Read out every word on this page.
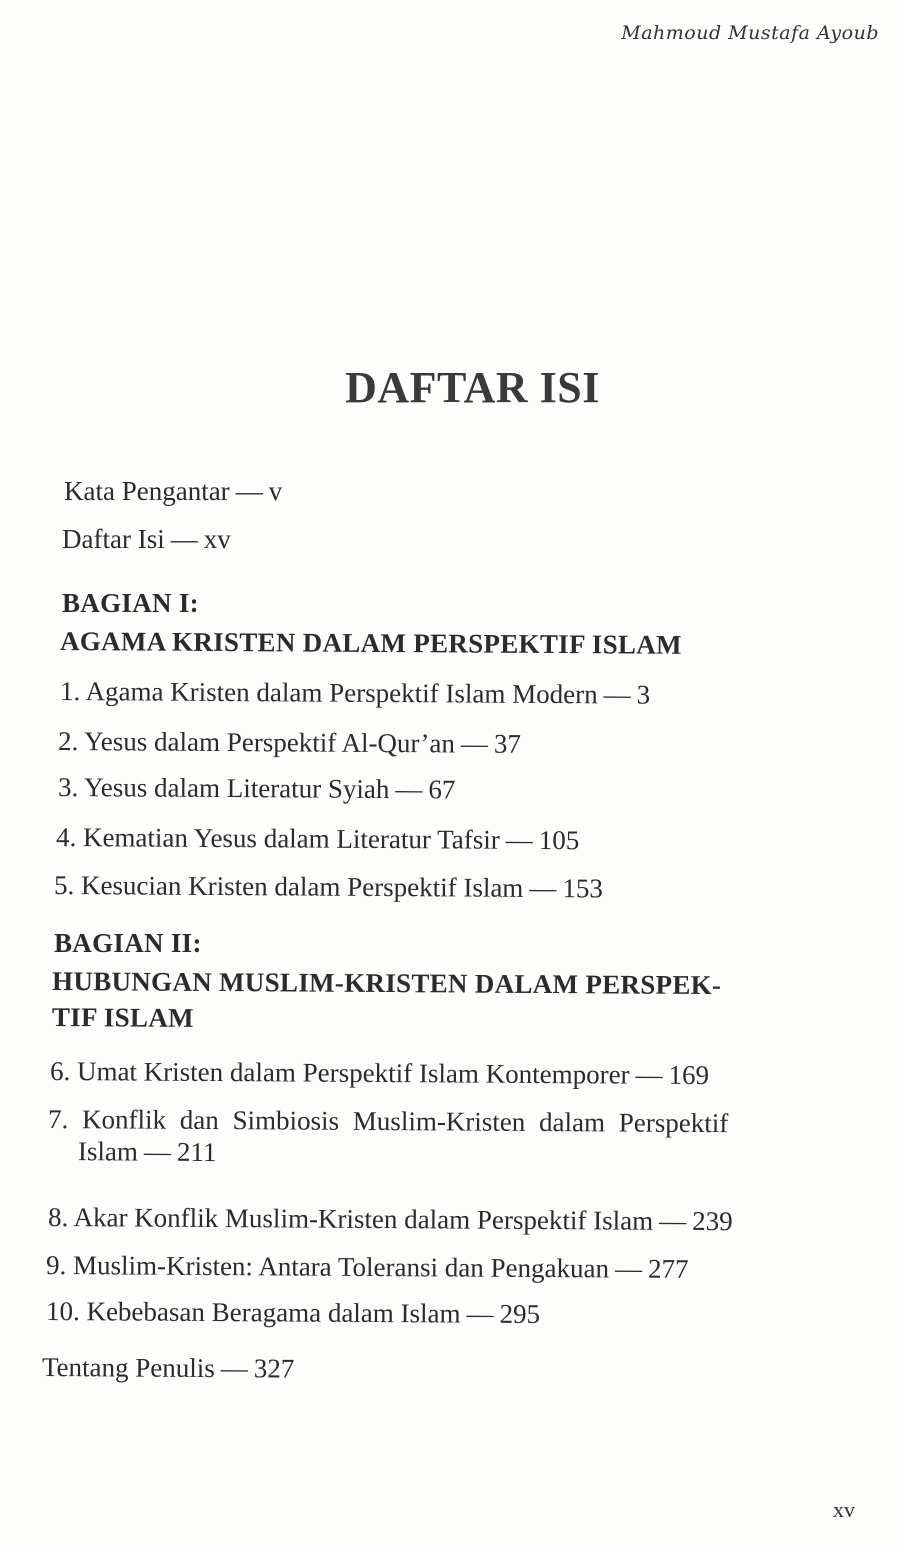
Mahmoud Mustafa Ayoub
DAFTAR ISI
Kata Pengantar — v
Daftar Isi — xv
BAGIAN I:
AGAMA KRISTEN DALAM PERSPEKTIF ISLAM
1. Agama Kristen dalam Perspektif Islam Modern — 3
2. Yesus dalam Perspektif Al-Qur’an — 37
3. Yesus dalam Literatur Syiah — 67
4. Kematian Yesus dalam Literatur Tafsir — 105
5. Kesucian Kristen dalam Perspektif Islam — 153
BAGIAN II:
HUBUNGAN MUSLIM-KRISTEN DALAM PERSPEK-
TIF ISLAM
6. Umat Kristen dalam Perspektif Islam Kontemporer — 169
7. Konflik dan Simbiosis Muslim-Kristen dalam Perspektif
Islam — 211
8. Akar Konflik Muslim-Kristen dalam Perspektif Islam — 239
9. Muslim-Kristen: Antara Toleransi dan Pengakuan — 277
10. Kebebasan Beragama dalam Islam — 295
Tentang Penulis — 327
xv
